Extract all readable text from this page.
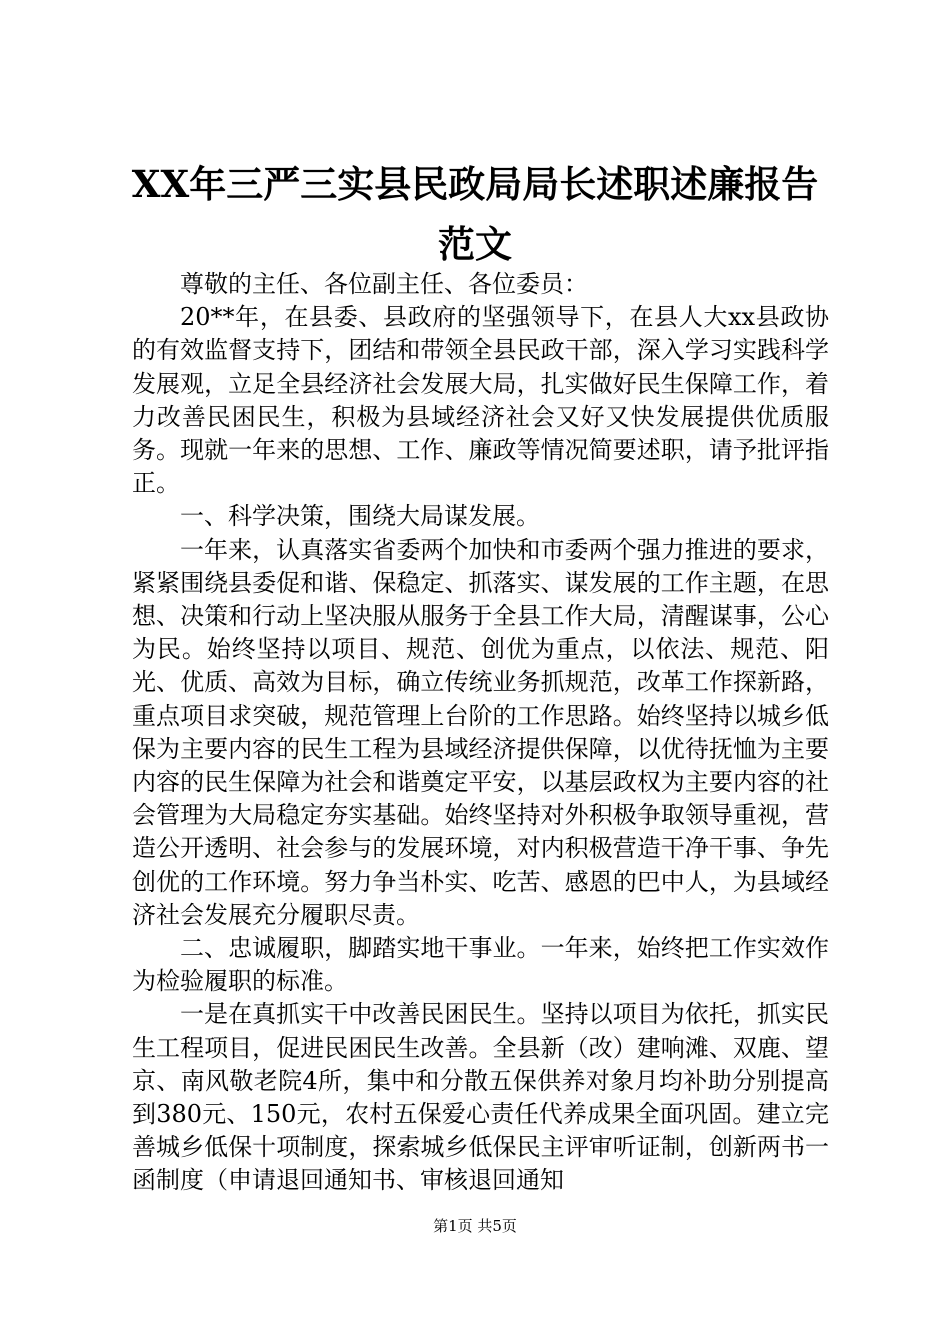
XX年三严三实县民政局局长述职述廉报告范文

尊敬的主任、各位副主任、各位委员：

20**年，在县委、县政府的坚强领导下，在县人大xx县政协的有效监督支持下，团结和带领全县民政干部，深入学习实践科学发展观，立足全县经济社会发展大局，扎实做好民生保障工作，着力改善民困民生，积极为县域经济社会又好又快发展提供优质服务。现就一年来的思想、工作、廉政等情况简要述职，请予批评指正。

一、科学决策，围绕大局谋发展。

一年来，认真落实省委两个加快和市委两个强力推进的要求，紧紧围绕县委促和谐、保稳定、抓落实、谋发展的工作主题，在思想、决策和行动上坚决服从服务于全县工作大局，清醒谋事，公心为民。始终坚持以项目、规范、创优为重点，以依法、规范、阳光、优质、高效为目标，确立传统业务抓规范，改革工作探新路，重点项目求突破，规范管理上台阶的工作思路。始终坚持以城乡低保为主要内容的民生工程为县域经济提供保障，以优待抚恤为主要内容的民生保障为社会和谐奠定平安，以基层政权为主要内容的社会管理为大局稳定夯实基础。始终坚持对外积极争取领导重视，营造公开透明、社会参与的发展环境，对内积极营造干净干事、争先创优的工作环境。努力争当朴实、吃苦、感恩的巴中人，为县域经济社会发展充分履职尽责。

二、忠诚履职，脚踏实地干事业。一年来，始终把工作实效作为检验履职的标准。

一是在真抓实干中改善民困民生。坚持以项目为依托，抓实民生工程项目，促进民困民生改善。全县新（改）建响滩、双鹿、望京、南风敬老院4所，集中和分散五保供养对象月均补助分别提高到380元、150元，农村五保爱心责任代养成果全面巩固。建立完善城乡低保十项制度，探索城乡低保民主评审听证制，创新两书一函制度（申请退回通知书、审核退回通知

第1页 共5页
